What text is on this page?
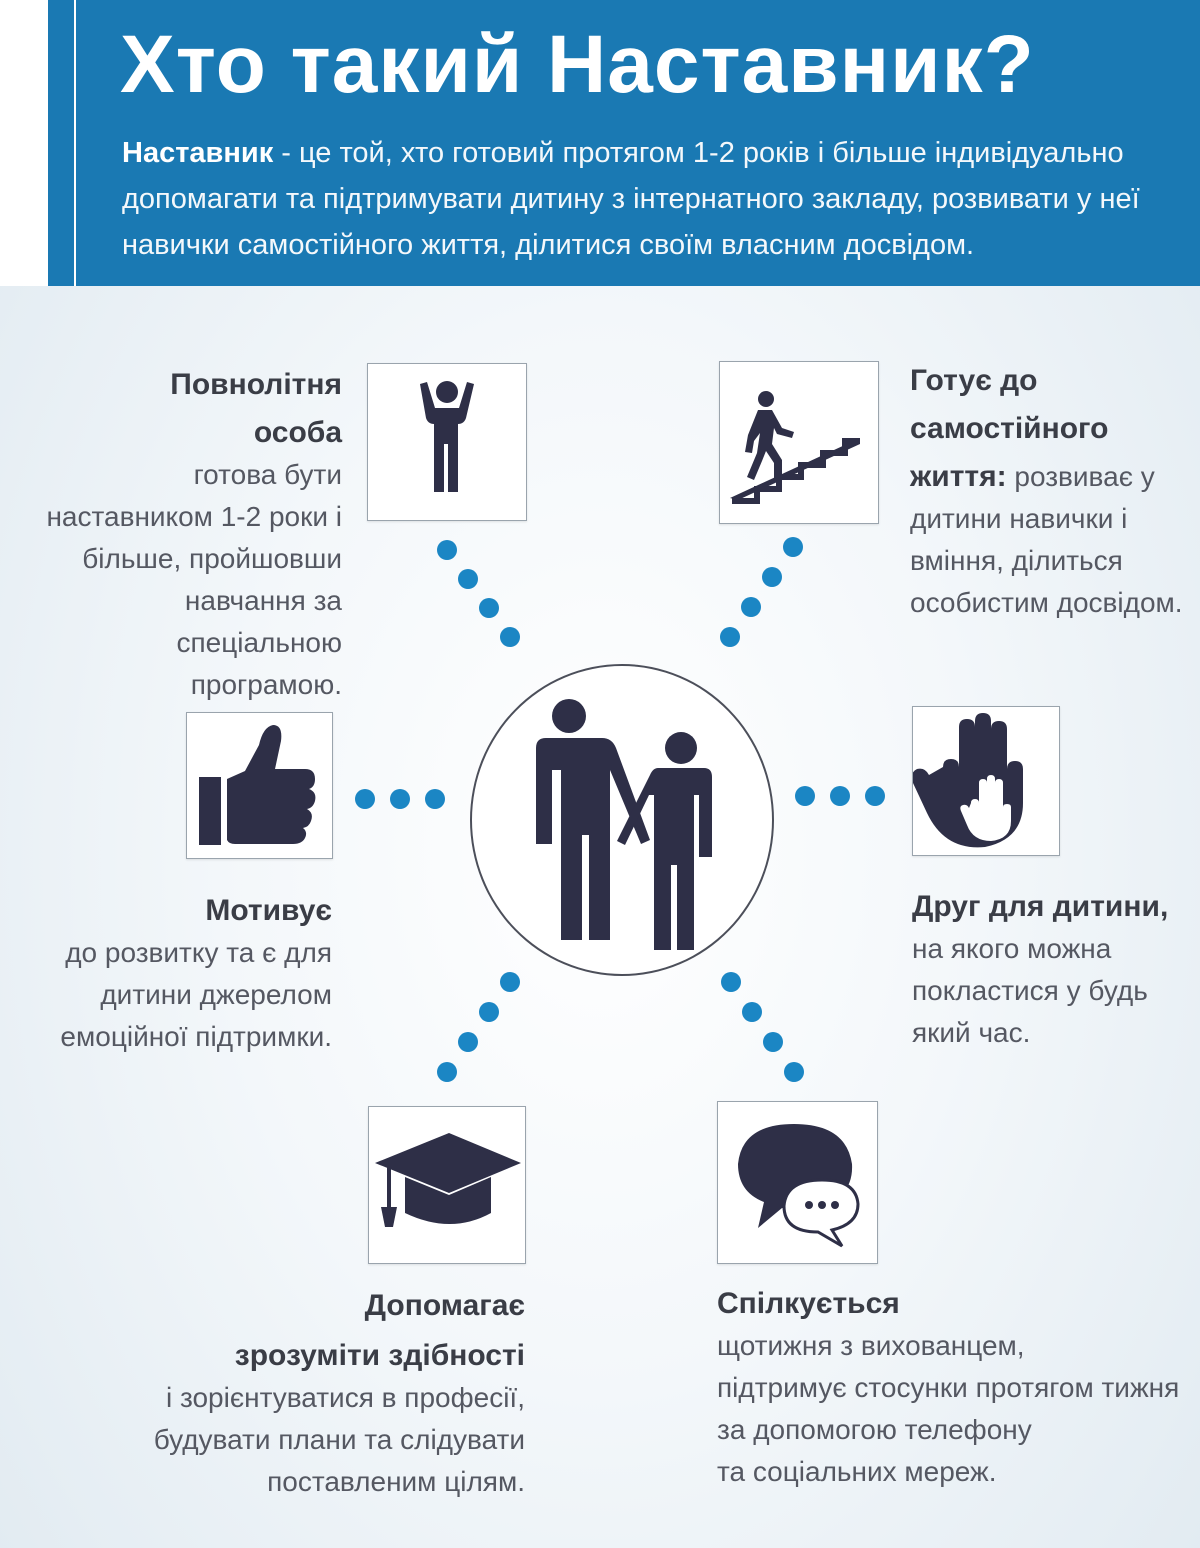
Хто такий Наставник?
Наставник - це той, хто готовий протягом 1-2 років і більше індивідуально допомагати та підтримувати дитину з інтернатного закладу, розвивати у неї навички самостійного життя, ділитися своїм власним досвідом.
Повнолітня
особа
готова бути
наставником 1-2 роки і
більше, пройшовши
навчання за спеціальною
програмою.
Готує до
самостійного
життя: розвиває у
дитини навички і
вміння, ділиться
особистим досвідом.
Мотивує
до розвитку та є для
дитини джерелом
емоційної підтримки.
Друг для дитини,
на якого можна
покластися у будь
який час.
Допомагає
зрозуміти здібності
і зорієнтуватися в професії,
будувати плани та слідувати
поставленим цілям.
Спілкується
щотижня з вихованцем,
підтримує стосунки протягом тижня
за допомогою телефону
та соціальних мереж.
